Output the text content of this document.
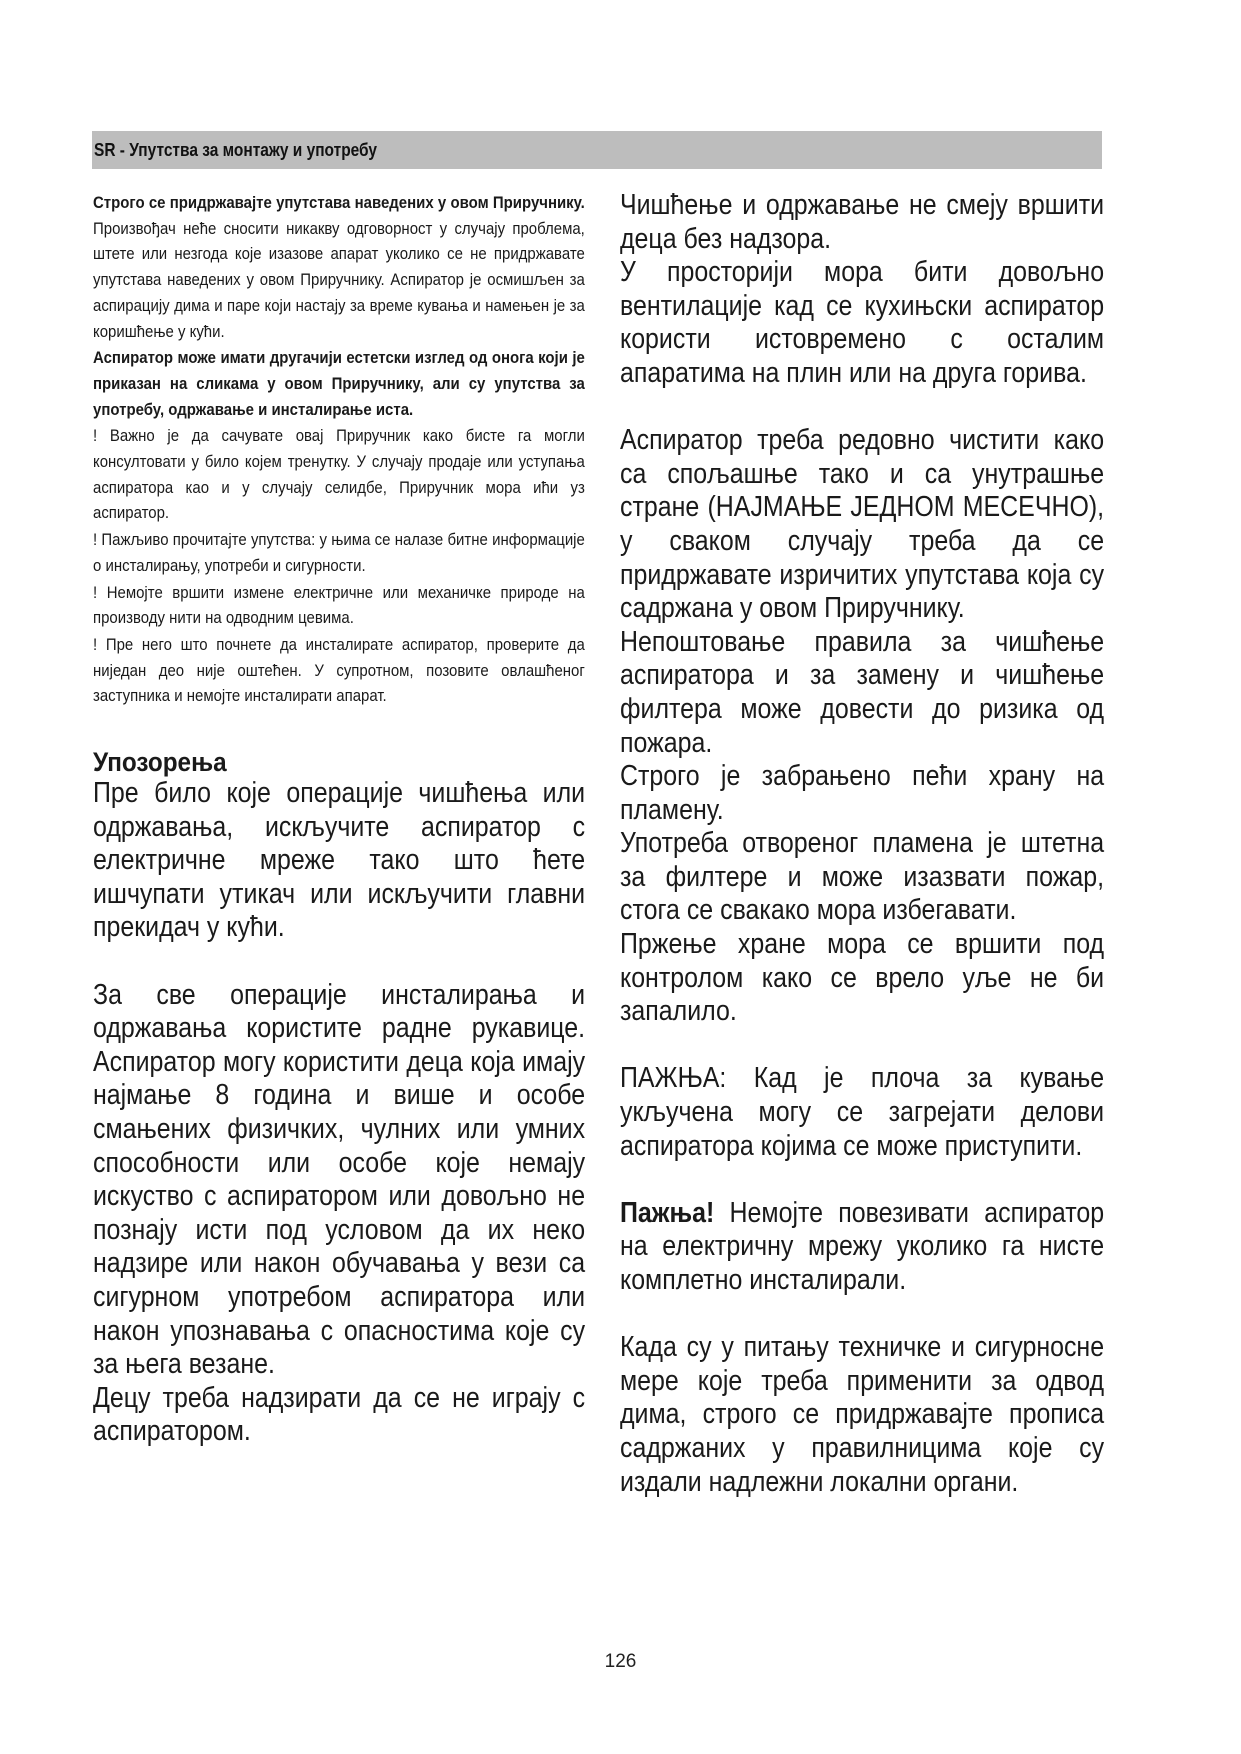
SR - Упутства за монтажу и употребу

Строго се придржавајте упутстава наведених у овом Приручнику. Произвођач неће сносити никакву одговорност у случају проблема, штете или незгода које изазове апарат уколико се не придржавате упутстава наведених у овом Приручнику. Аспиратор је осмишљен за аспирацију дима и паре који настају за време кувања и намењен је за коришћење у кући.

Аспиратор може имати другачији естетски изглед од онога који је приказан на сликама у овом Приручнику, али су упутства за употребу, одржавање и инсталирање иста.

! Важно је да сачувате овај Приручник како бисте га могли консултовати у било којем тренутку. У случају продаје или уступања аспиратора као и у случају селидбе, Приручник мора ићи уз аспиратор.

! Пажљиво прочитајте упутства: у њима се налазе битне информације о инсталирању, употреби и сигурности.

! Немојте вршити измене електричне или механичке природе на производу нити на одводним цевима.

! Пре него што почнете да инсталирате аспиратор, проверите да ниједан део није оштећен. У супротном, позовите овлашћеног заступника и немојте инсталирати апарат.

Упозорења

Пре било које операције чишћења или одржавања, искључите аспиратор с електричне мреже тако што ћете ишчупати утикач или искључити главни прекидач у кући.

За све операције инсталирања и одржавања користите радне рукавице. Аспиратор могу користити деца која имају најмање 8 година и више и особе смањених физичких, чулних или умних способности или особе које немају искуство с аспиратором или довољно не познају исти под условом да их неко надзире или након обучавања у вези са сигурном употребом аспиратора или након упознавања с опасностима које су за њега везане.

Децу треба надзирати да се не играју с аспиратором.

Чишћење и одржавање не смеју вршити деца без надзора.

У просторији мора бити довољно вентилације кад се кухињски аспиратор користи истовремено с осталим апаратима на плин или на друга горива.

Аспиратор треба редовно чистити како са спољашње тако и са унутрашње стране (НАЈМАЊЕ ЈЕДНОМ МЕСЕЧНО), у сваком случају треба да се придржавате изричитих упутстава која су садржана у овом Приручнику.

Непоштовање правила за чишћење аспиратора и за замену и чишћење филтера може довести до ризика од пожара.

Строго је забрањено пећи храну на пламену.

Употреба отвореног пламена је штетна за филтере и може изазвати пожар, стога се свакако мора избегавати.

Пржење хране мора се вршити под контролом како се врело уље не би запалило.

ПАЖЊА: Кад је плоча за кување укључена могу се загрејати делови аспиратора којима се може приступити.

Пажња! Немојте повезивати аспиратор на електричну мрежу уколико га нисте комплетно инсталирали.

Када су у питању техничке и сигурносне мере које треба применити за одвод дима, строго се придржавајте прописа садржаних у правилницима које су издали надлежни локални органи.

126
